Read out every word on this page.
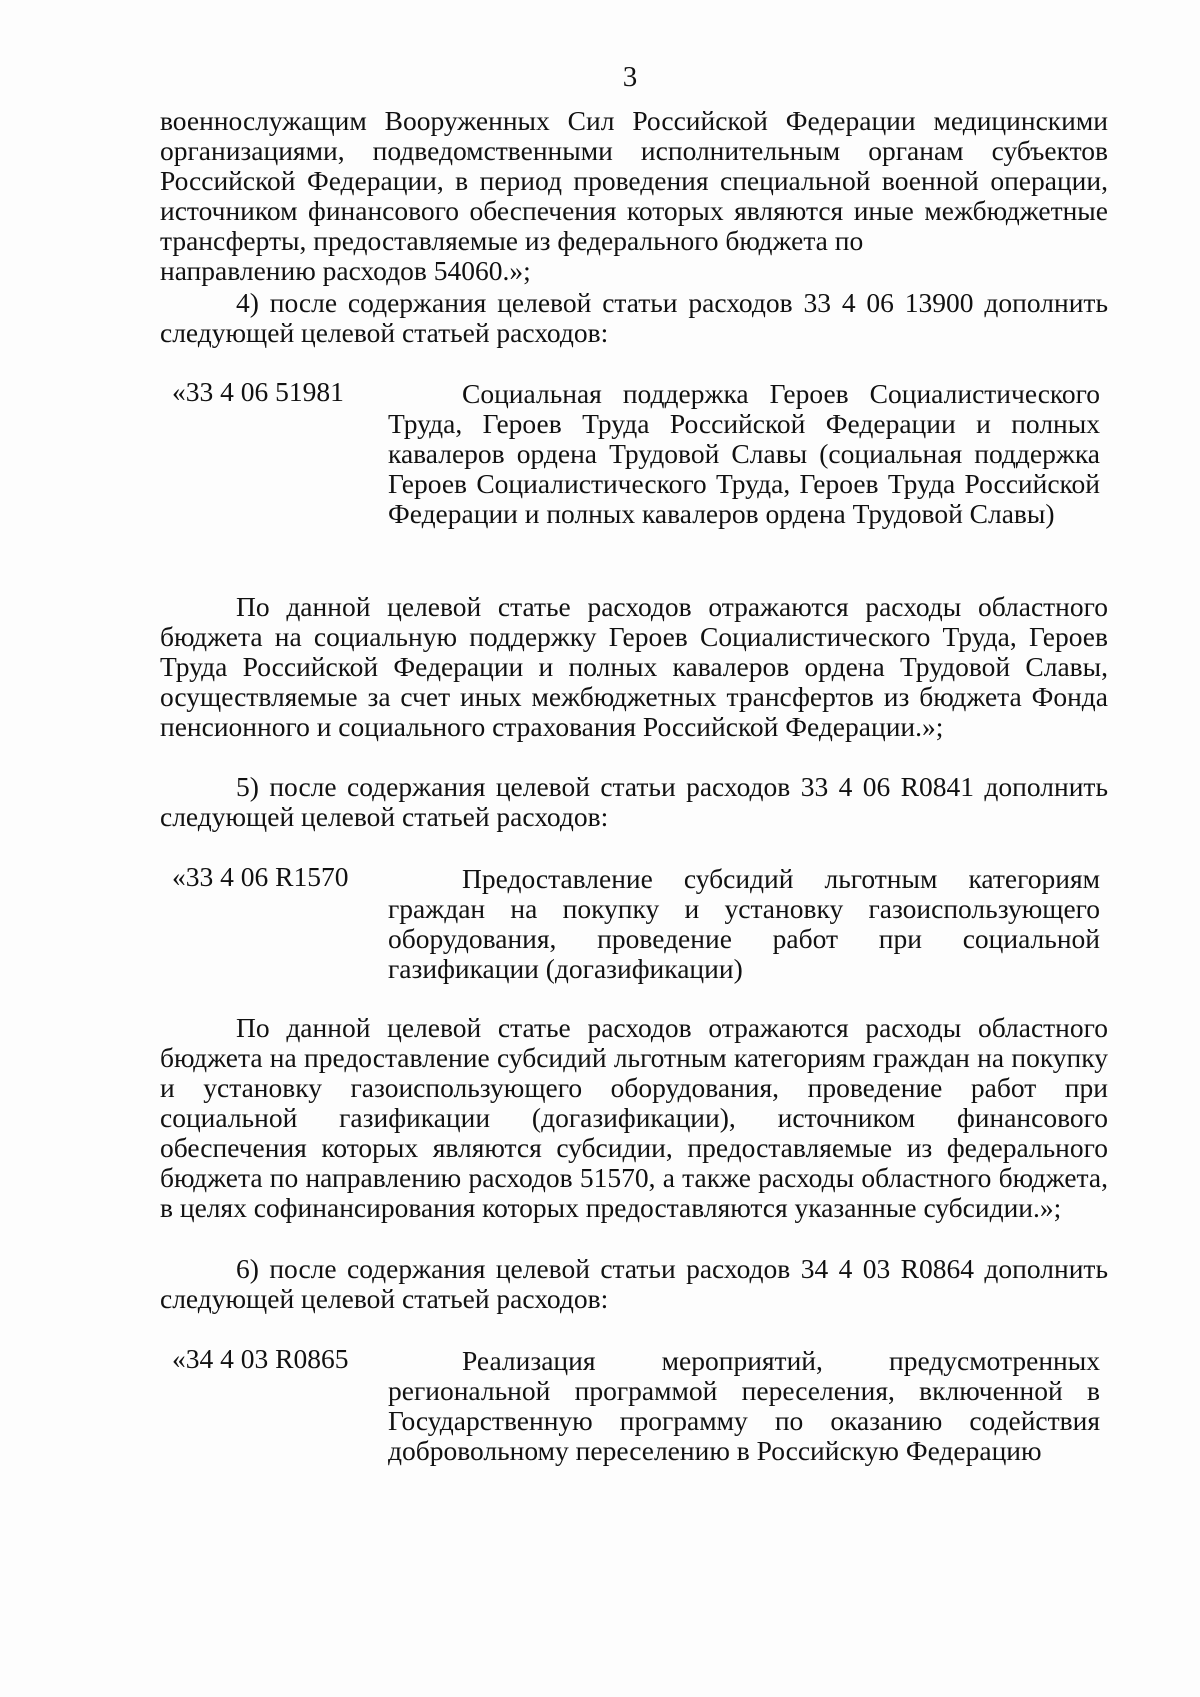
3

военнослужащим Вооруженных Сил Российской Федерации медицинскими организациями, подведомственными исполнительным органам субъектов Российской Федерации, в период проведения специальной военной операции, источником финансового обеспечения которых являются иные межбюджетные трансферты, предоставляемые из федерального бюджета по

направлению расходов 54060.»;

4) после содержания целевой статьи расходов 33 4 06 13900 дополнить следующей целевой статьей расходов:

«33 4 06 51981	Социальная поддержка Героев Социалистического Труда, Героев Труда Российской Федерации и полных кавалеров ордена Трудовой Славы (социальная поддержка Героев Социалистического Труда, Героев Труда Российской Федерации и полных кавалеров ордена Трудовой Славы)

По данной целевой статье расходов отражаются расходы областного бюджета на социальную поддержку Героев Социалистического Труда, Героев Труда Российской Федерации и полных кавалеров ордена Трудовой Славы, осуществляемые за счет иных межбюджетных трансфертов из бюджета Фонда пенсионного и социального страхования Российской Федерации.»;

5) после содержания целевой статьи расходов 33 4 06 R0841 дополнить следующей целевой статьей расходов:

«33 4 06 R1570	Предоставление субсидий льготным категориям граждан на покупку и установку газоиспользующего оборудования, проведение работ при социальной газификации (догазификации)

По данной целевой статье расходов отражаются расходы областного бюджета на предоставление субсидий льготным категориям граждан на покупку и установку газоиспользующего оборудования, проведение работ при социальной газификации (догазификации), источником финансового обеспечения которых являются субсидии, предоставляемые из федерального бюджета по направлению расходов 51570, а также расходы областного бюджета, в целях софинансирования которых предоставляются указанные субсидии.»;

6) после содержания целевой статьи расходов 34 4 03 R0864 дополнить следующей целевой статьей расходов:

«34 4 03 R0865	Реализация мероприятий, предусмотренных региональной программой переселения, включенной в Государственную программу по оказанию содействия добровольному переселению в Российскую Федерацию
